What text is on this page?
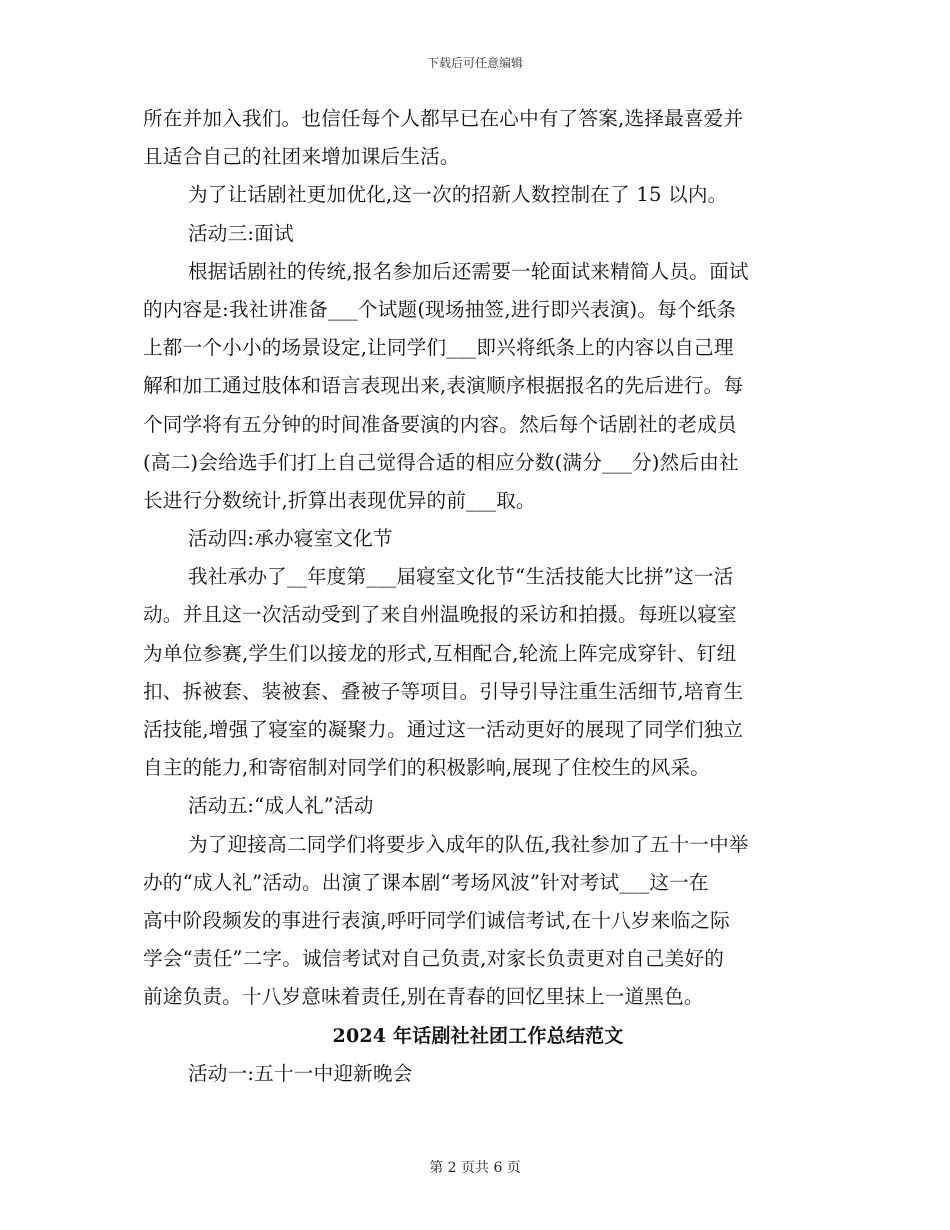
下载后可任意编辑
所在并加入我们。也信任每个人都早已在心中有了答案,选择最喜爱并
且适合自己的社团来增加课后生活。
为了让话剧社更加优化,这一次的招新人数控制在了 15 以内。
活动三:面试
根据话剧社的传统,报名参加后还需要一轮面试来精简人员。面试
的内容是:我社讲准备___个试题(现场抽签,进行即兴表演)。每个纸条
上都一个小小的场景设定,让同学们___即兴将纸条上的内容以自己理
解和加工通过肢体和语言表现出来,表演顺序根据报名的先后进行。每
个同学将有五分钟的时间准备要演的内容。然后每个话剧社的老成员
(高二)会给选手们打上自己觉得合适的相应分数(满分___分)然后由社
长进行分数统计,折算出表现优异的前___取。
活动四:承办寝室文化节
我社承办了__年度第___届寝室文化节“生活技能大比拼”这一活
动。并且这一次活动受到了来自州温晚报的采访和拍摄。每班以寝室
为单位参赛,学生们以接龙的形式,互相配合,轮流上阵完成穿针、钉纽
扣、拆被套、装被套、叠被子等项目。引导引导注重生活细节,培育生
活技能,增强了寝室的凝聚力。通过这一活动更好的展现了同学们独立
自主的能力,和寄宿制对同学们的积极影响,展现了住校生的风采。
活动五:“成人礼”活动
为了迎接高二同学们将要步入成年的队伍,我社参加了五十一中举
办的“成人礼”活动。出演了课本剧“考场风波”针对考试___这一在
高中阶段频发的事进行表演,呼吁同学们诚信考试,在十八岁来临之际
学会“责任”二字。诚信考试对自己负责,对家长负责更对自己美好的
前途负责。十八岁意味着责任,别在青春的回忆里抹上一道黑色。
2024 年话剧社社团工作总结范文
活动一:五十一中迎新晚会
第 2 页共 6 页
